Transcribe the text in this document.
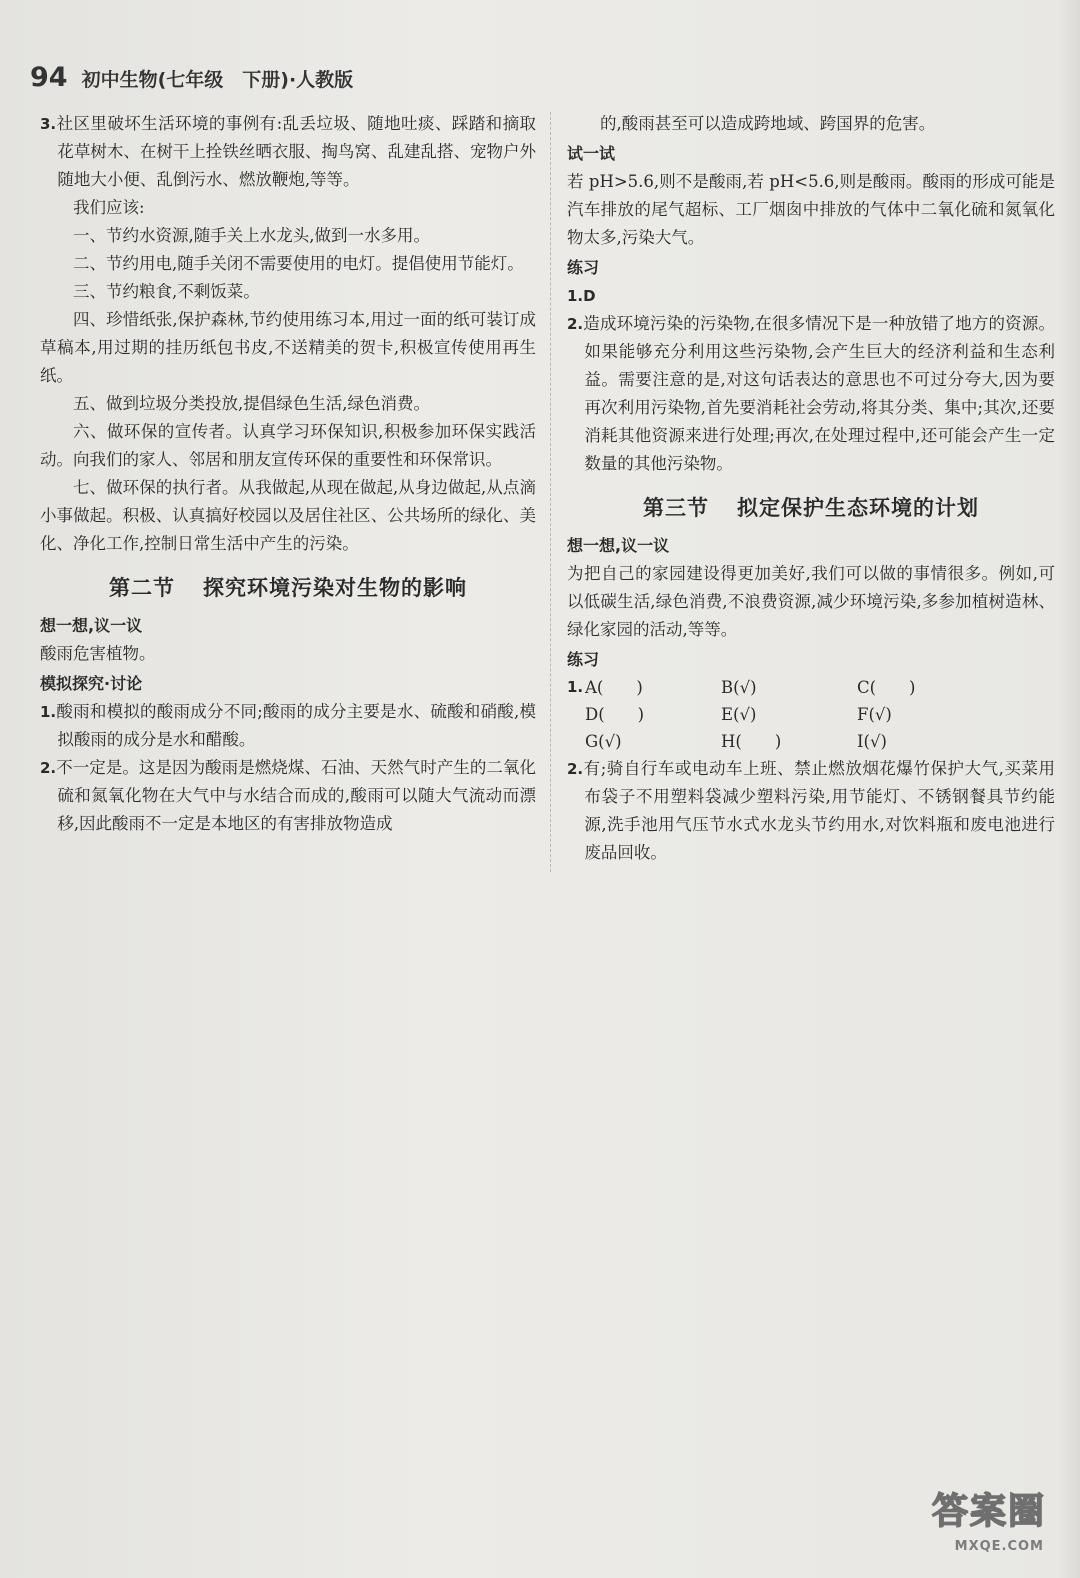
94 初中生物(七年级　下册)·人教版

3.社区里破坏生活环境的事例有:乱丢垃圾、随地吐痰、踩踏和摘取花草树木、在树干上拴铁丝晒衣服、掏鸟窝、乱建乱搭、宠物户外随地大小便、乱倒污水、燃放鞭炮,等等。

我们应该:

一、节约水资源,随手关上水龙头,做到一水多用。

二、节约用电,随手关闭不需要使用的电灯。提倡使用节能灯。

三、节约粮食,不剩饭菜。

四、珍惜纸张,保护森林,节约使用练习本,用过一面的纸可装订成草稿本,用过期的挂历纸包书皮,不送精美的贺卡,积极宣传使用再生纸。

五、做到垃圾分类投放,提倡绿色生活,绿色消费。

六、做环保的宣传者。认真学习环保知识,积极参加环保实践活动。向我们的家人、邻居和朋友宣传环保的重要性和环保常识。

七、做环保的执行者。从我做起,从现在做起,从身边做起,从点滴小事做起。积极、认真搞好校园以及居住社区、公共场所的绿化、美化、净化工作,控制日常生活中产生的污染。

第二节 探究环境污染对生物的影响

想一想,议一议

酸雨危害植物。

模拟探究·讨论

1.酸雨和模拟的酸雨成分不同;酸雨的成分主要是水、硫酸和硝酸,模拟酸雨的成分是水和醋酸。

2.不一定是。这是因为酸雨是燃烧煤、石油、天然气时产生的二氧化硫和氮氧化物在大气中与水结合而成的,酸雨可以随大气流动而漂移,因此酸雨不一定是本地区的有害排放物造成

的,酸雨甚至可以造成跨地域、跨国界的危害。

试一试

若 pH>5.6,则不是酸雨,若 pH<5.6,则是酸雨。酸雨的形成可能是汽车排放的尾气超标、工厂烟囱中排放的气体中二氧化硫和氮氧化物太多,污染大气。

练习

1.D

2.造成环境污染的污染物,在很多情况下是一种放错了地方的资源。如果能够充分利用这些污染物,会产生巨大的经济利益和生态利益。需要注意的是,对这句话表达的意思也不可过分夸大,因为要再次利用污染物,首先要消耗社会劳动,将其分类、集中;其次,还要消耗其他资源来进行处理;再次,在处理过程中,还可能会产生一定数量的其他污染物。

第三节 拟定保护生态环境的计划

想一想,议一议

为把自己的家园建设得更加美好,我们可以做的事情很多。例如,可以低碳生活,绿色消费,不浪费资源,减少环境污染,多参加植树造林、绿化家园的活动,等等。

练习

1. A(　　)	B(√)	C(　　)
D(　　)	E(√)	F(√)
G(√)	H(　　)	I(√)

2.有;骑自行车或电动车上班、禁止燃放烟花爆竹保护大气,买菜用布袋子不用塑料袋减少塑料污染,用节能灯、不锈钢餐具节约能源,洗手池用气压节水式水龙头节约用水,对饮料瓶和废电池进行废品回收。

答案圈
MXQE.COM
